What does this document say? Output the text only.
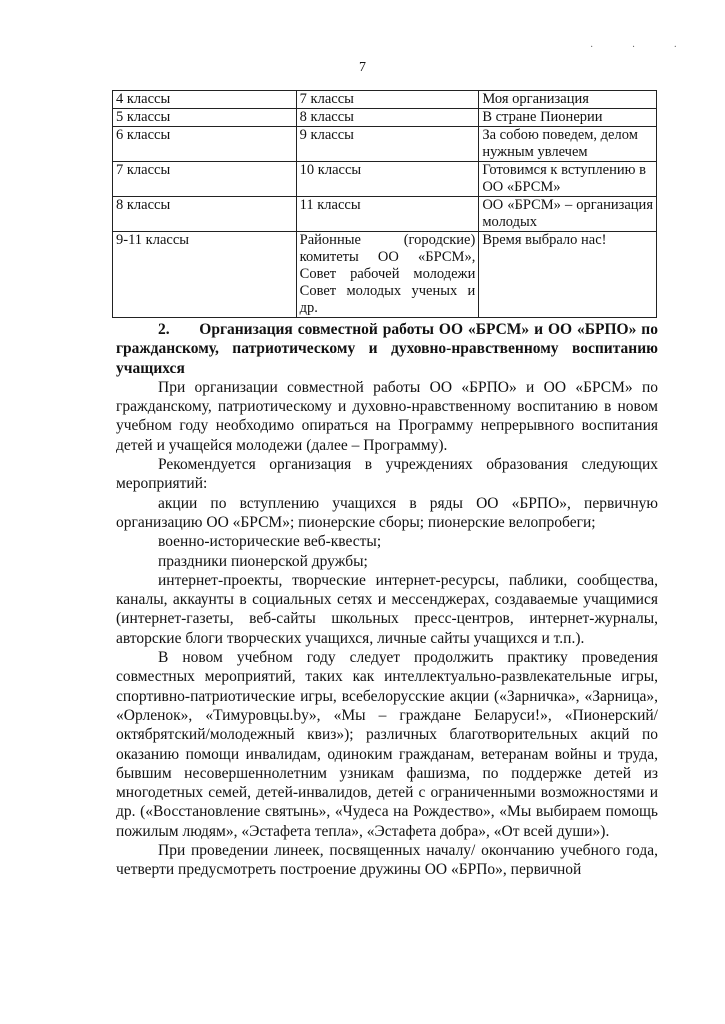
· · ·
7
4 классы	7 классы	Моя организация
5 классы	8 классы	В стране Пионерии
6 классы	9 классы	За собою поведем, делом нужным увлечем
7 классы	10 классы	Готовимся к вступлению в ОО «БРСМ»
8 классы	11 классы	ОО «БРСМ» – организация молодых
9-11 классы	Районные (городские) комитеты ОО «БРСМ», Совет рабочей молодежи Совет молодых ученых и др.	Время выбрало нас!

2. Организация совместной работы ОО «БРСМ» и ОО «БРПО» по гражданскому, патриотическому и духовно-нравственному воспитанию учащихся

При организации совместной работы ОО «БРПО» и ОО «БРСМ» по гражданскому, патриотическому и духовно-нравственному воспитанию в новом учебном году необходимо опираться на Программу непрерывного воспитания детей и учащейся молодежи (далее – Программу).

Рекомендуется организация в учреждениях образования следующих мероприятий:

акции по вступлению учащихся в ряды ОО «БРПО», первичную организацию ОО «БРСМ»; пионерские сборы; пионерские велопробеги;

военно-исторические веб-квесты;

праздники пионерской дружбы;

интернет-проекты, творческие интернет-ресурсы, паблики, сообщества, каналы, аккаунты в социальных сетях и мессенджерах, создаваемые учащимися (интернет-газеты, веб-сайты школьных пресс-центров, интернет-журналы, авторские блоги творческих учащихся, личные сайты учащихся и т.п.).

В новом учебном году следует продолжить практику проведения совместных мероприятий, таких как интеллектуально-развлекательные игры, спортивно-патриотические игры, всебелорусские акции («Зарничка», «Зарница», «Орленок», «Тимуровцы.by», «Мы – граждане Беларуси!», «Пионерский/октябрятский/молодежный квиз»); различных благотворительных акций по оказанию помощи инвалидам, одиноким гражданам, ветеранам войны и труда, бывшим несовершеннолетним узникам фашизма, по поддержке детей из многодетных семей, детей-инвалидов, детей с ограниченными возможностями и др. («Восстановление святынь», «Чудеса на Рождество», «Мы выбираем помощь пожилым людям», «Эстафета тепла», «Эстафета добра», «От всей души»).

При проведении линеек, посвященных началу/ окончанию учебного года, четверти предусмотреть построение дружины ОО «БРПо», первичной
